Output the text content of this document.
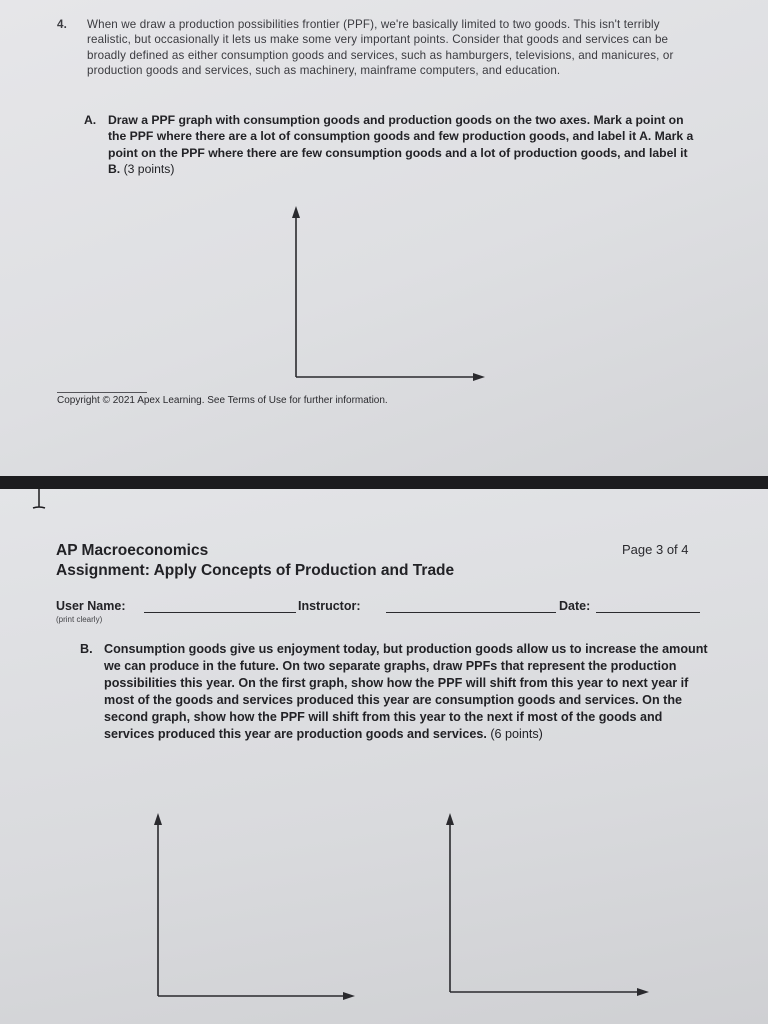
4. When we draw a production possibilities frontier (PPF), we're basically limited to two goods. This isn't terribly realistic, but occasionally it lets us make some very important points. Consider that goods and services can be broadly defined as either consumption goods and services, such as hamburgers, televisions, and manicures, or production goods and services, such as machinery, mainframe computers, and education.
A. Draw a PPF graph with consumption goods and production goods on the two axes. Mark a point on the PPF where there are a lot of consumption goods and few production goods, and label it A. Mark a point on the PPF where there are few consumption goods and a lot of production goods, and label it B. (3 points)
Copyright © 2021 Apex Learning. See Terms of Use for further information.
AP Macroeconomics
Assignment: Apply Concepts of Production and Trade
Page 3 of 4
User Name:	Instructor:	Date:
(print clearly)
B. Consumption goods give us enjoyment today, but production goods allow us to increase the amount we can produce in the future. On two separate graphs, draw PPFs that represent the production possibilities this year. On the first graph, show how the PPF will shift from this year to next year if most of the goods and services produced this year are consumption goods and services. On the second graph, show how the PPF will shift from this year to the next if most of the goods and services produced this year are production goods and services. (6 points)
